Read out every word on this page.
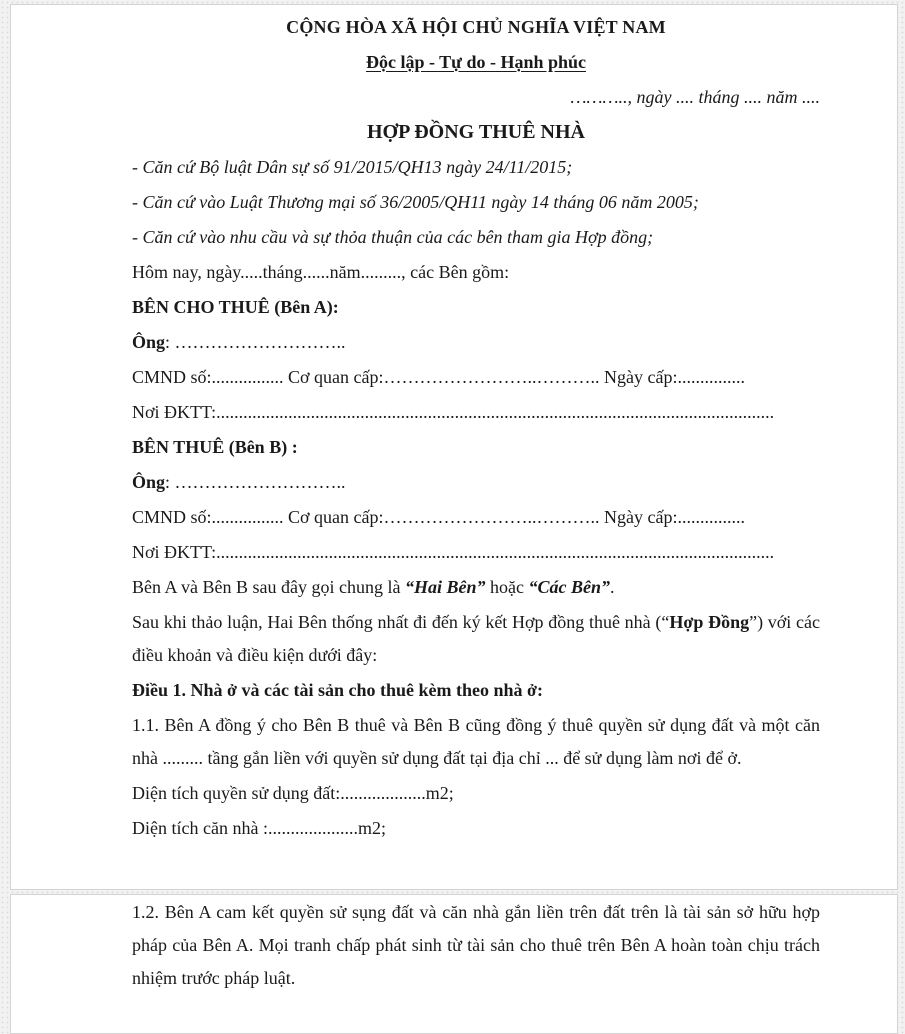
CỘNG HÒA XÃ HỘI CHỦ NGHĨA VIỆT NAM

Độc lập - Tự do - Hạnh phúc

……….., ngày .... tháng .... năm ....

HỢP ĐỒNG THUÊ NHÀ

- Căn cứ Bộ luật Dân sự số 91/2015/QH13 ngày 24/11/2015;

- Căn cứ vào Luật Thương mại số 36/2005/QH11 ngày 14 tháng 06 năm 2005;

- Căn cứ vào nhu cầu và sự thỏa thuận của các bên tham gia Hợp đồng;

Hôm nay, ngày.....tháng......năm........., các Bên gồm:

BÊN CHO THUÊ (Bên A):

Ông: ………………………..

CMND số:................ Cơ quan cấp:……………………..……….. Ngày cấp:...............

Nơi ĐKTT:............................................................................................................................

BÊN THUÊ (Bên B) :

Ông: ………………………..

CMND số:................ Cơ quan cấp:……………………..……….. Ngày cấp:...............

Nơi ĐKTT:............................................................................................................................

Bên A và Bên B sau đây gọi chung là “Hai Bên” hoặc “Các Bên”.

Sau khi thảo luận, Hai Bên thống nhất đi đến ký kết Hợp đồng thuê nhà (“Hợp Đồng”) với các điều khoản và điều kiện dưới đây:

Điều 1. Nhà ở và các tài sản cho thuê kèm theo nhà ở:

1.1. Bên A đồng ý cho Bên B thuê và Bên B cũng đồng ý thuê quyền sử dụng đất và một căn nhà ......... tầng gắn liền với quyền sử dụng đất tại địa chỉ ... để sử dụng làm nơi để ở.

Diện tích quyền sử dụng đất:...................m2;

Diện tích căn nhà :....................m2;

1.2. Bên A cam kết quyền sử sụng đất và căn nhà gắn liền trên đất trên là tài sản sở hữu hợp pháp của Bên A. Mọi tranh chấp phát sinh từ tài sản cho thuê trên Bên A hoàn toàn chịu trách nhiệm trước pháp luật.
